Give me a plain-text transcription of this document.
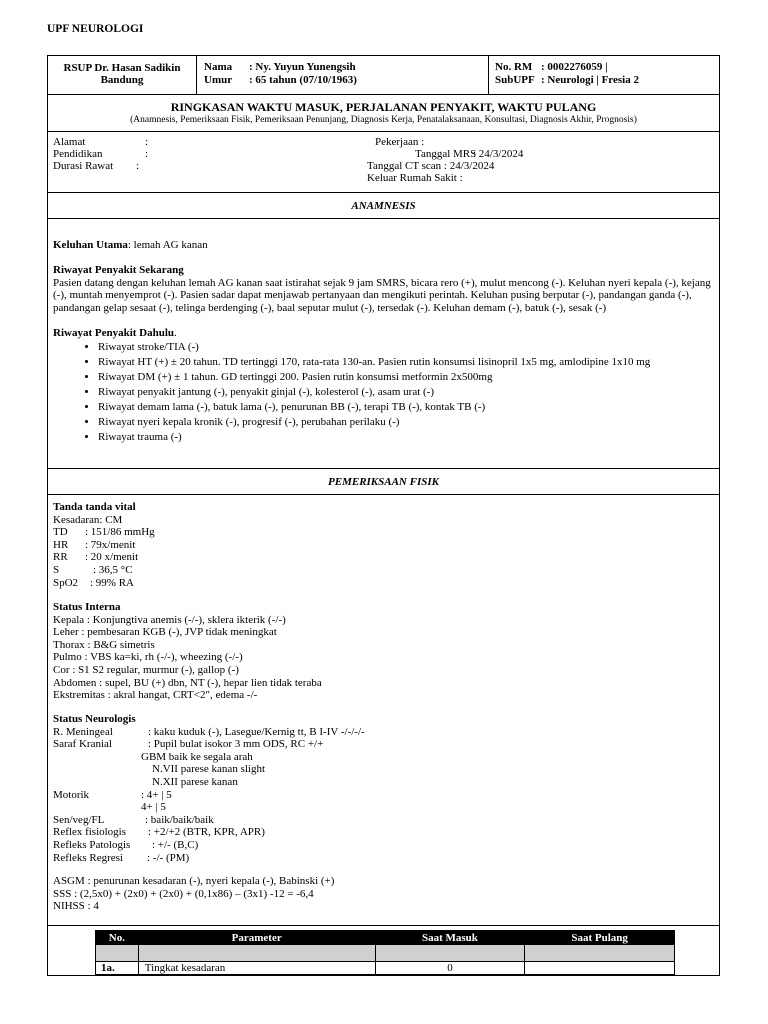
UPF NEUROLOGI
RSUP Dr. Hasan Sadikin
Bandung
Nama : Ny. Yuyun Yunengsih
Umur : 65 tahun (07/10/1963)
No. RM : 0002276059 |
SubUPF : Neurologi | Fresia 2
RINGKASAN WAKTU MASUK, PERJALANAN PENYAKIT, WAKTU PULANG
(Anamnesis, Pemeriksaan Fisik, Pemeriksaan Penunjang, Diagnosis Kerja, Penatalaksanaan, Konsultasi, Diagnosis Akhir, Prognosis)
Alamat	:
Pendidikan	:
Durasi Rawat :
Pekerjaan :
Tanggal MRS
: 24/3/2024
Tanggal CT scan : 24/3/2024
Keluar Rumah Sakit :
ANAMNESIS
Keluhan Utama: lemah AG kanan
Riwayat Penyakit Sekarang
Pasien datang dengan keluhan lemah AG kanan saat istirahat sejak 9 jam SMRS, bicara rero (+), mulut mencong (-). Keluhan nyeri kepala (-), kejang (-), muntah menyemprot (-). Pasien sadar dapat menjawab pertanyaan dan mengikuti perintah. Keluhan pusing berputar (-), pandangan ganda (-), pandangan gelap sesaat (-), telinga berdenging (-), baal seputar mulut (-), tersedak (-). Keluhan demam (-), batuk (-), sesak (-)
Riwayat Penyakit Dahulu.
• Riwayat stroke/TIA (-)
• Riwayat HT (+) ± 20 tahun. TD tertinggi 170, rata-rata 130-an. Pasien rutin konsumsi lisinopril 1x5 mg, amlodipine 1x10 mg
• Riwayat DM (+) ± 1 tahun. GD tertinggi 200. Pasien rutin konsumsi metformin 2x500mg
• Riwayat penyakit jantung (-), penyakit ginjal (-), kolesterol (-), asam urat (-)
• Riwayat demam lama (-), batuk lama (-), penurunan BB (-), terapi TB (-), kontak TB (-)
• Riwayat nyeri kepala kronik (-), progresif (-), perubahan perilaku (-)
• Riwayat trauma (-)
PEMERIKSAAN FISIK
Tanda tanda vital
Kesadaran: CM
TD : 151/86 mmHg
HR : 79x/menit
RR : 20 x/menit
S	: 36,5 °C
SpO2 : 99% RA
Status Interna
Kepala : Konjungtiva anemis (-/-), sklera ikterik (-/-)
Leher : pembesaran KGB (-), JVP tidak meningkat
Thorax : B&G simetris
Pulmo : VBS ka=ki, rh (-/-), wheezing (-/-)
Cor : S1 S2 regular, murmur (-), gallop (-)
Abdomen : supel, BU (+) dbn, NT (-), hepar lien tidak teraba
Ekstremitas : akral hangat, CRT<2", edema -/-
Status Neurologis
R. Meningeal	: kaku kuduk (-), Lasegue/Kernig tt, B I-IV -/-/-/-
Saraf Kranial	: Pupil bulat isokor 3 mm ODS, RC +/+
GBM baik ke segala arah
N.VII parese kanan slight
N.XII parese kanan
Motorik	: 4+ | 5
4+ | 5
Sen/veg/FL	: baik/baik/baik
Reflex fisiologis : +2/+2 (BTR, KPR, APR)
Refleks Patologis : +/- (B,C)
Refleks Regresi : -/- (PM)
ASGM : penurunan kesadaran (-), nyeri kepala (-), Babinski (+)
SSS : (2,5x0) + (2x0) + (2x0) + (0,1x86) – (3x1) -12 = -6,4
NIHSS : 4
No.	Parameter	Saat Masuk	Saat Pulang

1a.	Tingkat kesadaran	0	
